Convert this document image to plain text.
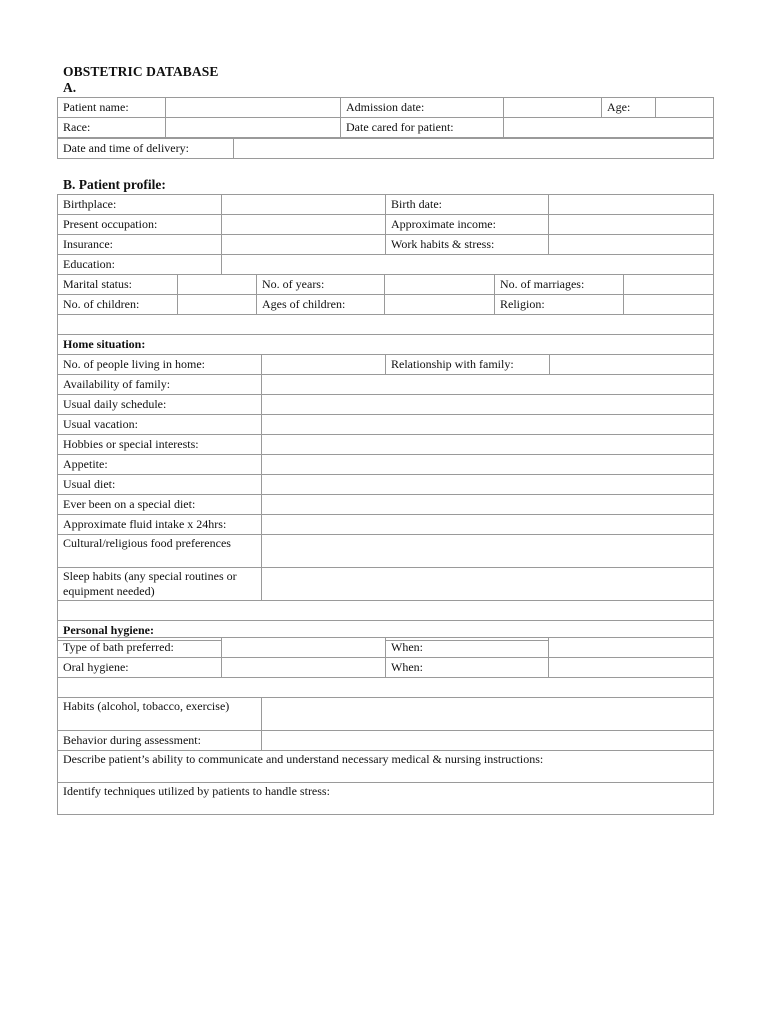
OBSTETRIC DATABASE
A.
Patient name:		Admission date:		Age:	
Race:		Date cared for patient:			
Date and time of delivery:	
B. Patient profile:
Birthplace:		Birth date:	
Present occupation:		Approximate income:	
Insurance:		Work habits & stress:	
Education:			
Marital status:		No. of years:		No. of marriages:	
No. of children:		Ages of children:		Religion:	

Home situation:					
No. of people living in home:		Relationship with family:	
Availability of family:			
Usual daily schedule:			
Usual vacation:			
Hobbies or special interests:			
Appetite:			
Usual diet:			
Ever been on a special diet:			
Approximate fluid intake x 24hrs:			
Cultural/religious food preferences			
Sleep habits (any special routines or equipment needed)			

Personal hygiene:			
Type of bath preferred:		When:	
Oral hygiene:		When:	

Habits (alcohol, tobacco, exercise)	
Behavior during assessment:	
Describe patient’s ability to communicate and understand necessary medical & nursing instructions:	
Identify techniques utilized by patients to handle stress:	
